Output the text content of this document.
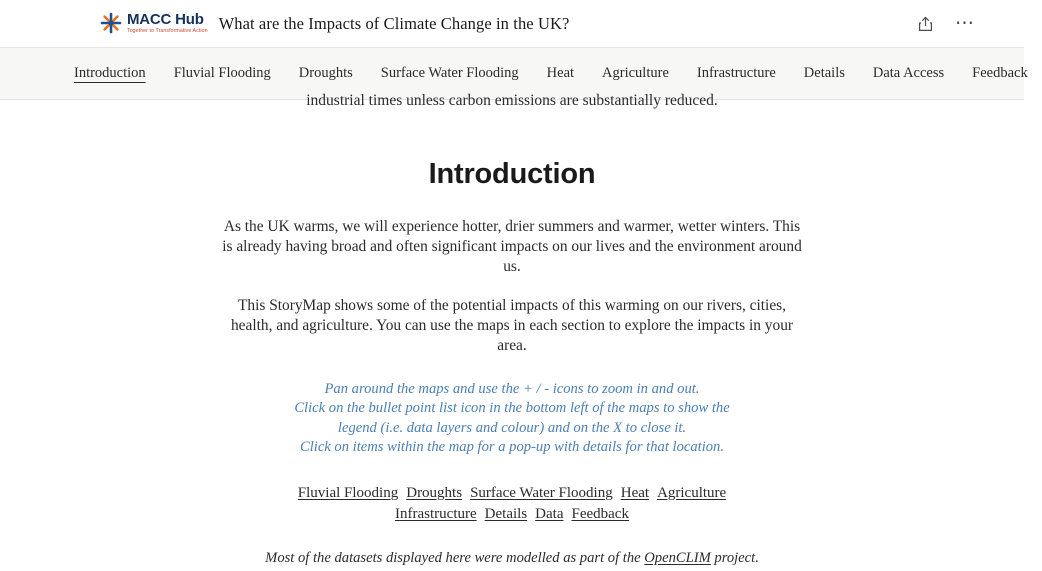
MACC Hub
Together to Transformative Action What are the Impacts of Climate Change in the UK?	⋯
Introduction	Fluvial Flooding	Droughts	Surface Water Flooding	Heat	Agriculture	Infrastructure	Details	Data Access	Feedback
industrial times unless carbon emissions are substantially reduced.
Introduction

As the UK warms, we will experience hotter, drier summers and warmer, wetter winters. This is already having broad and often significant impacts on our lives and the environment around us.

This StoryMap shows some of the potential impacts of this warming on our rivers, cities, health, and agriculture. You can use the maps in each section to explore the impacts in your area.

Pan around the maps and use the + / - icons to zoom in and out.
Click on the bullet point list icon in the bottom left of the maps to show the
legend (i.e. data layers and colour) and on the X to close it.
Click on items within the map for a pop-up with details for that location.
Fluvial Flooding Droughts Surface Water Flooding Heat Agriculture
Infrastructure Details Data Feedback
Most of the datasets displayed here were modelled as part of the OpenCLIM project.
